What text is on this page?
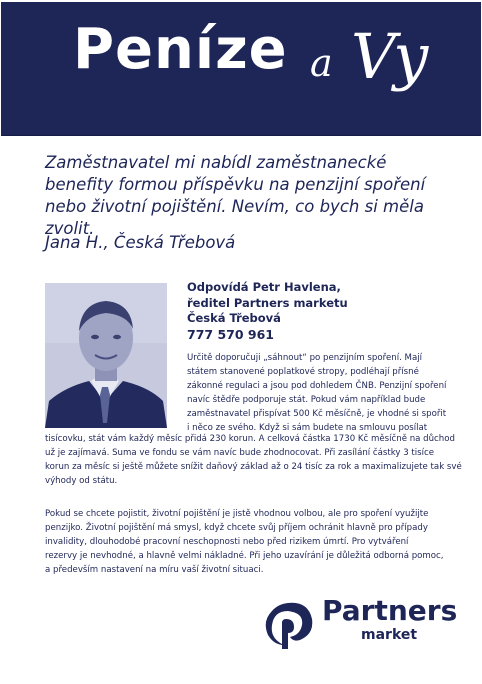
Peníze a Vy

Zaměstnavatel mi nabídl zaměstnanecké benefity formou příspěvku na penzijní spoření nebo životní pojištění. Nevím, co bych si měla zvolit.

Jana H., Česká Třebová
Odpovídá Petr Havlena,
ředitel Partners marketu
Česká Třebová
777 570 961
Určitě doporučuji „sáhnout“ po penzijním spoření. Mají
státem stanovené poplatkové stropy, podléhají přísné
zákonné regulaci a jsou pod dohledem ČNB. Penzijní spoření
navíc štědře podporuje stát. Pokud vám například bude
zaměstnavatel přispívat 500 Kč měsíčně, je vhodné si spořit
i něco ze svého. Když si sám budete na smlouvu posílat
tisícovku, stát vám každý měsíc přidá 230 korun. A celková částka 1730 Kč měsíčně na důchod
už je zajímavá. Suma ve fondu se vám navíc bude zhodnocovat. Při zasílání částky 3 tisíce
korun za měsíc si ještě můžete snížit daňový základ až o 24 tisíc za rok a maximalizujete tak své
výhody od státu.
Pokud se chcete pojistit, životní pojištění je jistě vhodnou volbou, ale pro spoření využijte
penzijko. Životní pojištění má smysl, když chcete svůj příjem ochránit hlavně pro případy
invalidity, dlouhodobé pracovní neschopnosti nebo před rizikem úmrtí. Pro vytváření
rezervy je nevhodné, a hlavně velmi nákladné. Při jeho uzavírání je důležitá odborná pomoc,
a především nastavení na míru vaší životní situaci.
Partners
market
